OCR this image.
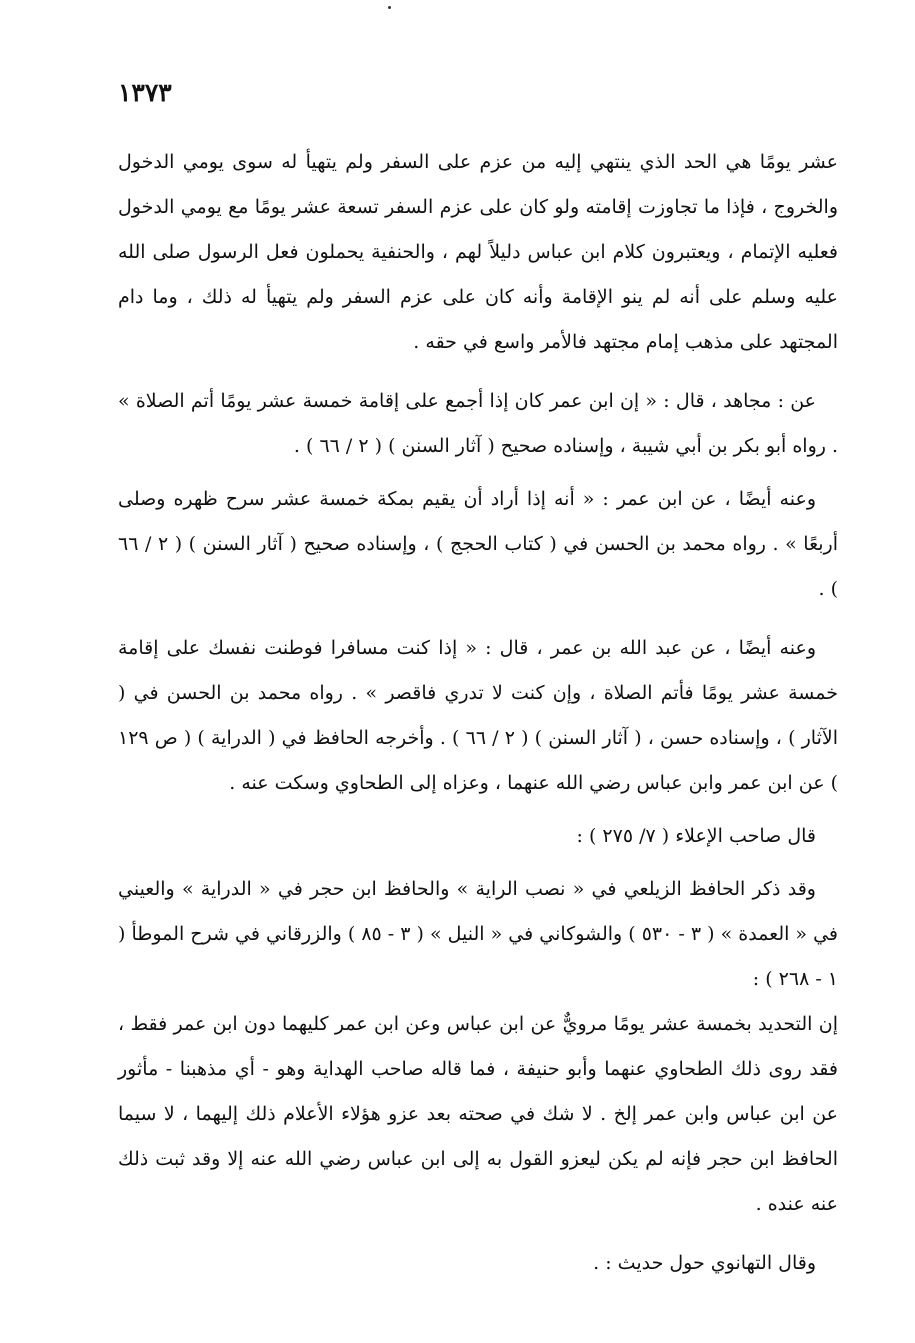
١٣٧٣

عشر يومًا هي الحد الذي ينتهي إليه من عزم على السفر ولم يتهيأ له سوى يومي الدخول والخروج ، فإذا ما تجاوزت إقامته ولو كان على عزم السفر تسعة عشر يومًا مع يومي الدخول فعليه الإتمام ، ويعتبرون كلام ابن عباس دليلاً لهم ، والحنفية يحملون فعل الرسول صلى الله عليه وسلم على أنه لم ينو الإقامة وأنه كان على عزم السفر ولم يتهيأ له ذلك ، وما دام المجتهد على مذهب إمام مجتهد فالأمر واسع في حقه .

عن : مجاهد ، قال : « إن ابن عمر كان إذا أجمع على إقامة خمسة عشر يومًا أتم الصلاة » . رواه أبو بكر بن أبي شيبة ، وإسناده صحيح ( آثار السنن ) ( ٢ / ٦٦ ) .

وعنه أيضًا ، عن ابن عمر : « أنه إذا أراد أن يقيم بمكة خمسة عشر سرح ظهره وصلى أربعًا » . رواه محمد بن الحسن في ( كتاب الحجج ) ، وإسناده صحيح ( آثار السنن ) ( ٢ / ٦٦ ) .

وعنه أيضًا ، عن عبد الله بن عمر ، قال : « إذا كنت مسافرا فوطنت نفسك على إقامة خمسة عشر يومًا فأتم الصلاة ، وإن كنت لا تدري فاقصر » . رواه محمد بن الحسن في ( الآثار ) ، وإسناده حسن ، ( آثار السنن ) ( ٢ / ٦٦ ) . وأخرجه الحافظ في ( الدراية ) ( ص ١٢٩ ) عن ابن عمر وابن عباس رضي الله عنهما ، وعزاه إلى الطحاوي وسكت عنه .

قال صاحب الإعلاء ( ٧/ ٢٧٥ ) :

وقد ذكر الحافظ الزيلعي في « نصب الراية » والحافظ ابن حجر في « الدراية » والعيني في « العمدة » ( ٣ - ٥٣٠ ) والشوكاني في « النيل » ( ٣ - ٨٥ ) والزرقاني في شرح الموطأ ( ١ - ٢٦٨ ) :

إن التحديد بخمسة عشر يومًا مرويٌّ عن ابن عباس وعن ابن عمر كليهما دون ابن عمر فقط ، فقد روى ذلك الطحاوي عنهما وأبو حنيفة ، فما قاله صاحب الهداية وهو - أي مذهبنا - مأثور عن ابن عباس وابن عمر إلخ . لا شك في صحته بعد عزو هؤلاء الأعلام ذلك إليهما ، لا سيما الحافظ ابن حجر فإنه لم يكن ليعزو القول به إلى ابن عباس رضي الله عنه إلا وقد ثبت ذلك عنه عنده .

وقال التهانوي حول حديث : .
